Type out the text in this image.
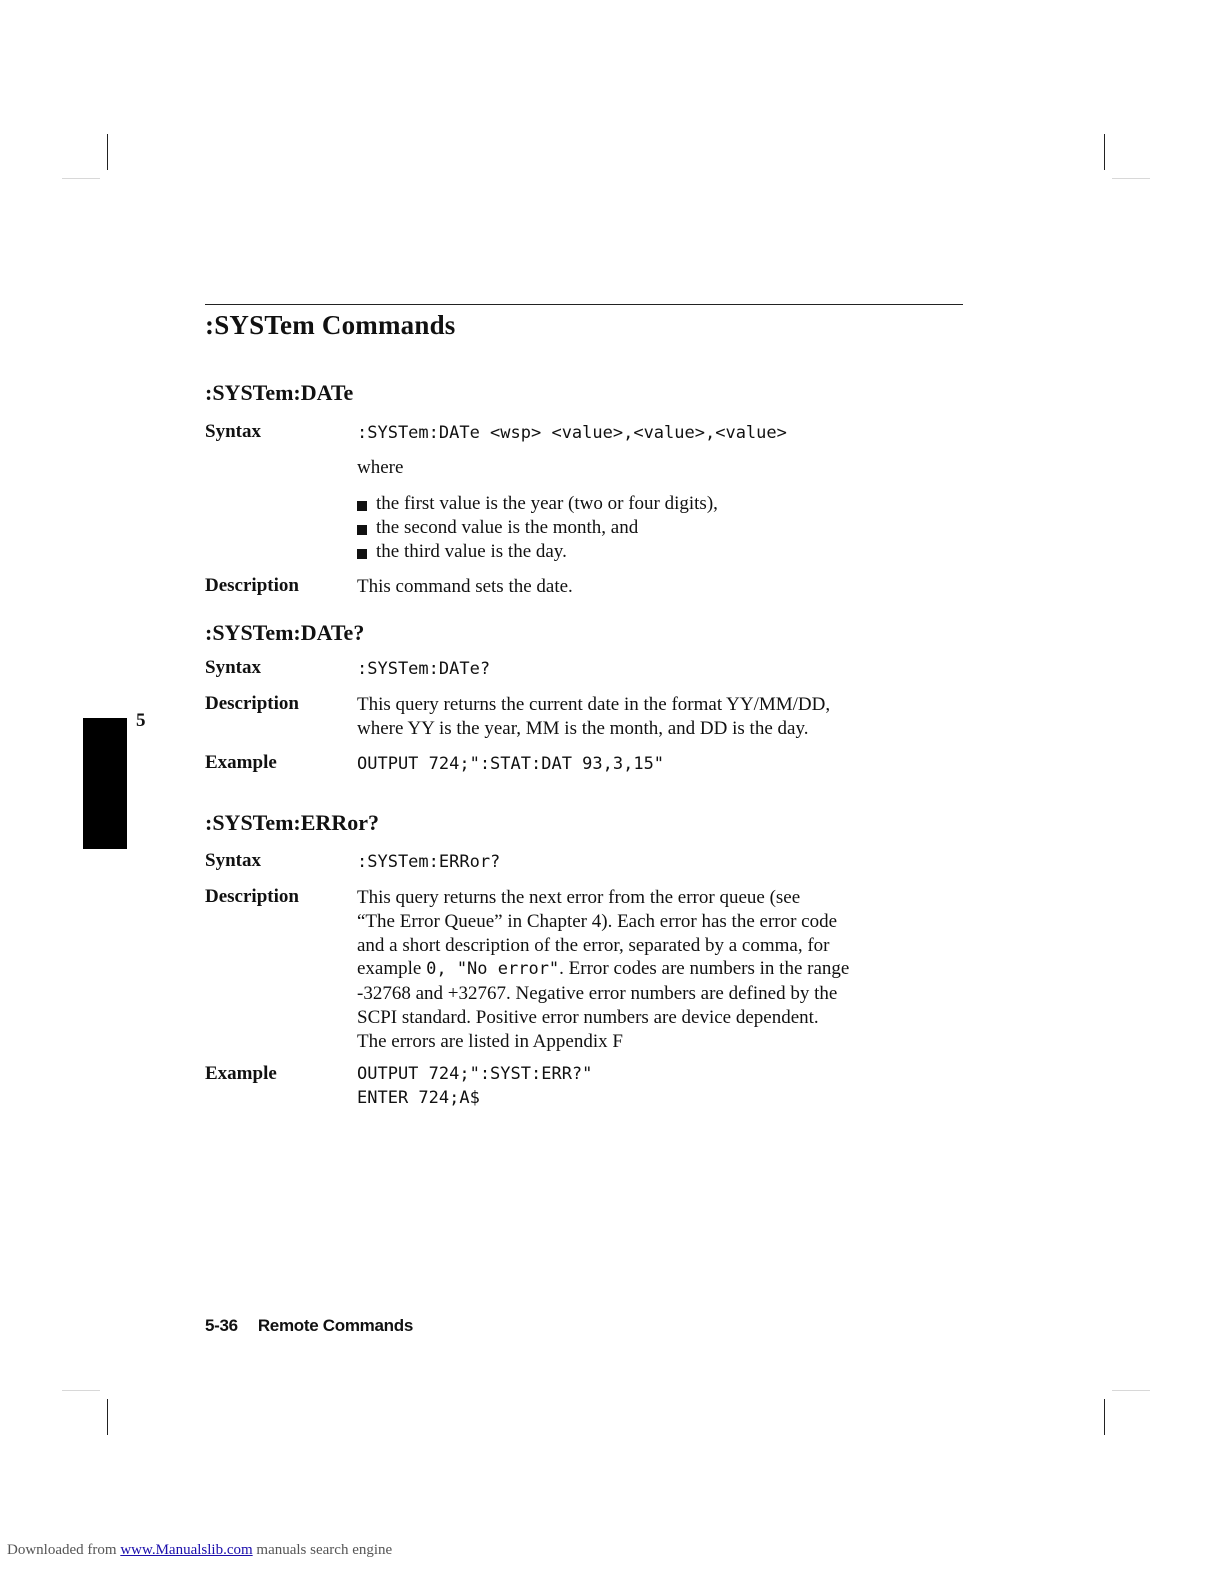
5
:SYSTem Commands
:SYSTem:DATe
Syntax	:SYSTem:DATe <wsp> <value>,<value>,<value>
where
the first value is the year (two or four digits),
the second value is the month, and
the third value is the day.
Description	This command sets the date.
:SYSTem:DATe?
Syntax	:SYSTem:DATe?
Description	This query returns the current date in the format YY/MM/DD,
where YY is the year, MM is the month, and DD is the day.
Example	OUTPUT 724;":STAT:DAT 93,3,15"
:SYSTem:ERRor?
Syntax	:SYSTem:ERRor?
Description	This query returns the next error from the error queue (see
“The Error Queue” in Chapter 4). Each error has the error code
and a short description of the error, separated by a comma, for
example 0, "No error". Error codes are numbers in the range
-32768 and +32767. Negative error numbers are defined by the
SCPI standard. Positive error numbers are device dependent.
The errors are listed in Appendix F
Example	OUTPUT 724;":SYST:ERR?"
ENTER 724;A$
5-36 Remote Commands
Downloaded from www.Manualslib.com manuals search engine
